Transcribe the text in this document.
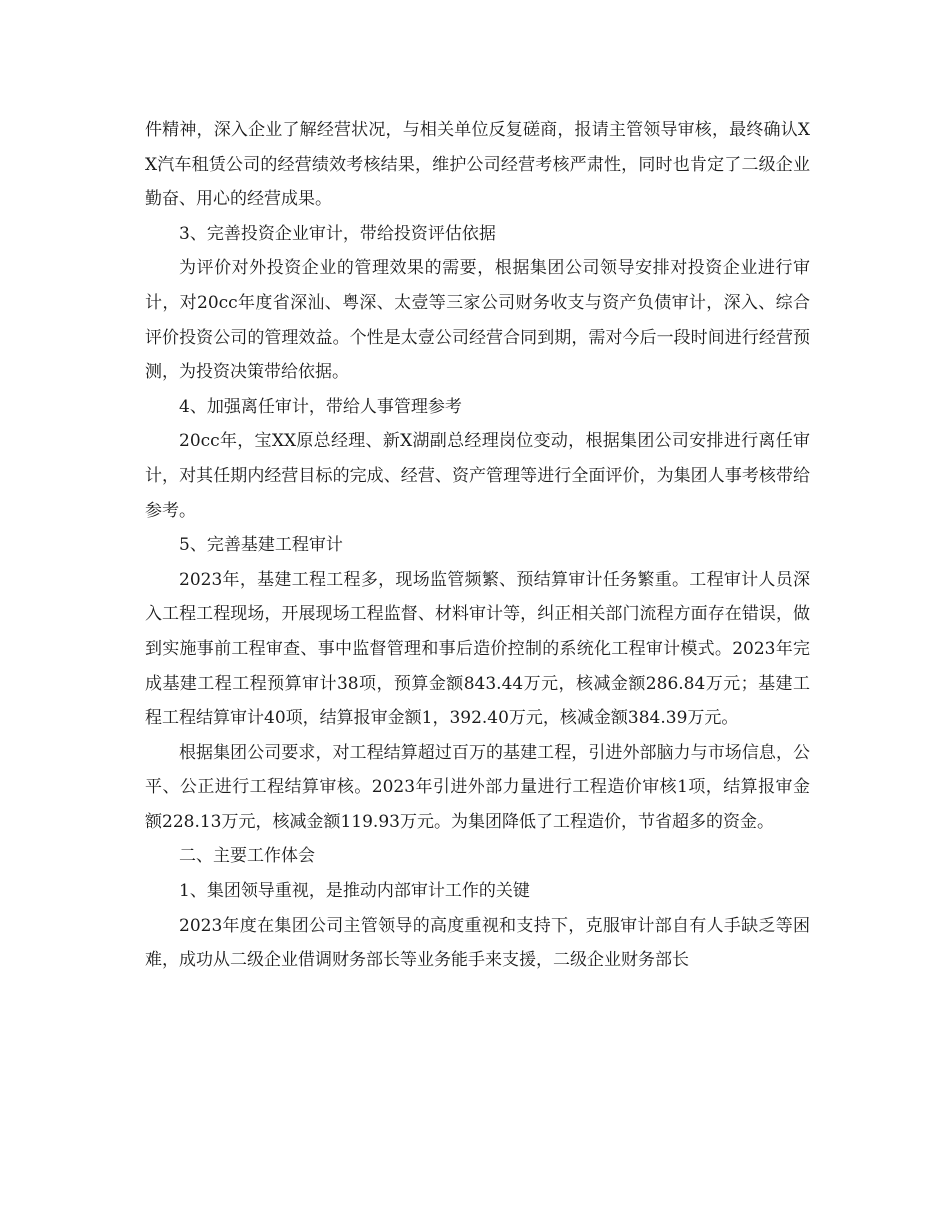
件精神，深入企业了解经营状况，与相关单位反复磋商，报请主管领导审核，最终确认XX汽车租赁公司的经营绩效考核结果，维护公司经营考核严肃性，同时也肯定了二级企业勤奋、用心的经营成果。

3、完善投资企业审计，带给投资评估依据

为评价对外投资企业的管理效果的需要，根据集团公司领导安排对投资企业进行审计，对20cc年度省深汕、粤深、太壹等三家公司财务收支与资产负债审计，深入、综合评价投资公司的管理效益。个性是太壹公司经营合同到期，需对今后一段时间进行经营预测，为投资决策带给依据。

4、加强离任审计，带给人事管理参考

20cc年，宝XX原总经理、新X湖副总经理岗位变动，根据集团公司安排进行离任审计，对其任期内经营目标的完成、经营、资产管理等进行全面评价，为集团人事考核带给参考。

5、完善基建工程审计

2023年，基建工程工程多，现场监管频繁、预结算审计任务繁重。工程审计人员深入工程工程现场，开展现场工程监督、材料审计等，纠正相关部门流程方面存在错误，做到实施事前工程审查、事中监督管理和事后造价控制的系统化工程审计模式。2023年完成基建工程工程预算审计38项，预算金额843.44万元，核减金额286.84万元；基建工程工程结算审计40项，结算报审金额1，392.40万元，核减金额384.39万元。

根据集团公司要求，对工程结算超过百万的基建工程，引进外部脑力与市场信息，公平、公正进行工程结算审核。2023年引进外部力量进行工程造价审核1项，结算报审金额228.13万元，核减金额119.93万元。为集团降低了工程造价，节省超多的资金。

二、主要工作体会

1、集团领导重视，是推动内部审计工作的关键

2023年度在集团公司主管领导的高度重视和支持下，克服审计部自有人手缺乏等困难，成功从二级企业借调财务部长等业务能手来支援，二级企业财务部长
